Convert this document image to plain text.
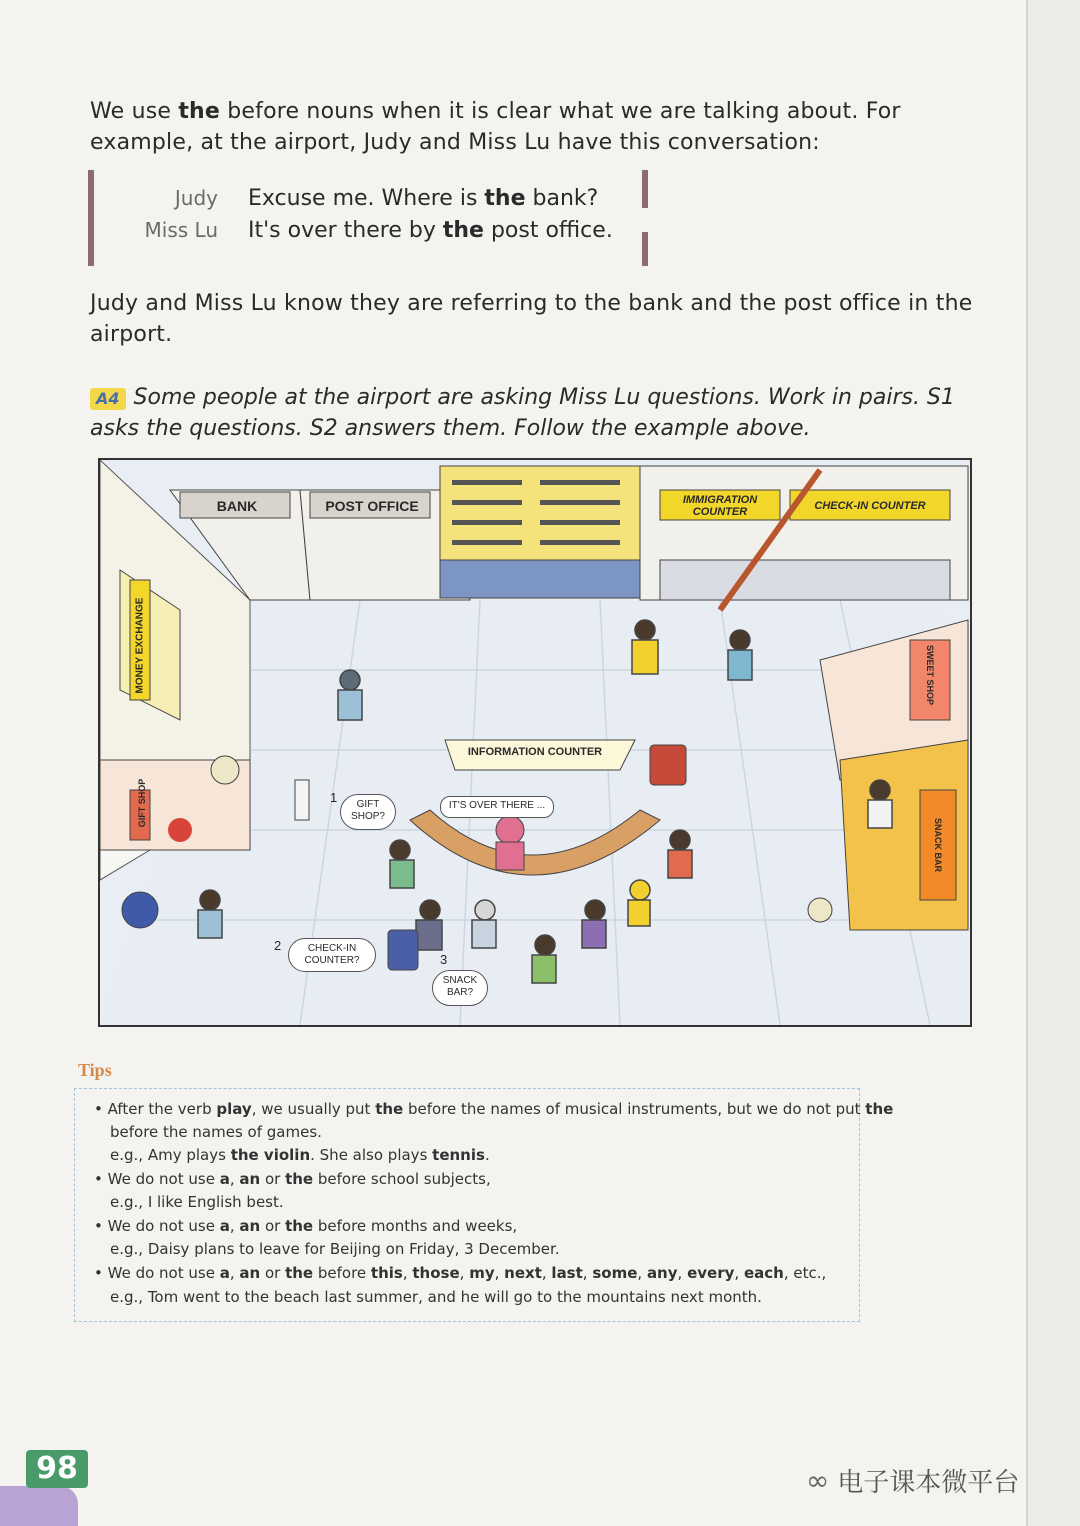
We use the before nouns when it is clear what we are talking about. For example, at the airport, Judy and Miss Lu have this conversation:
Judy Excuse me. Where is the bank?
Miss Lu It's over there by the post office.
Judy and Miss Lu know they are referring to the bank and the post office in the airport.
A4 Some people at the airport are asking Miss Lu questions. Work in pairs. S1 asks the questions. S2 answers them. Follow the example above.
BANK	POST OFFICE	IMMIGRATION COUNTER	CHECK-IN COUNTER
MONEY EXCHANGE	SWEET SHOP
INFORMATION COUNTER
GIFT SHOP
SNACK BAR
1	GIFT SHOP?
IT'S OVER THERE ...
2	CHECK-IN COUNTER?	3
SNACK BAR?
Tips
• After the verb play, we usually put the before the names of musical instruments, but we do not put the
before the names of games.
e.g., Amy plays the violin. She also plays tennis.
• We do not use a, an or the before school subjects,
e.g., I like English best.
• We do not use a, an or the before months and weeks,
e.g., Daisy plans to leave for Beijing on Friday, 3 December.
• We do not use a, an or the before this, those, my, next, last, some, any, every, each, etc.,
e.g., Tom went to the beach last summer, and he will go to the mountains next month.
98	∞ 电子课本微平台
